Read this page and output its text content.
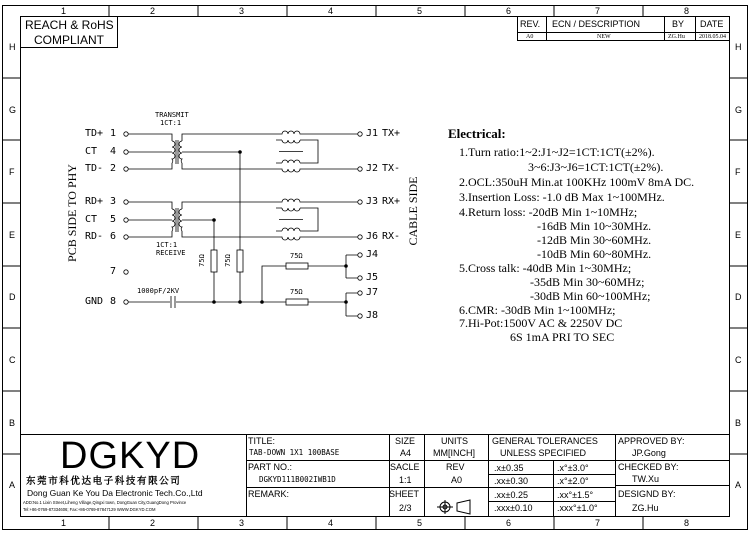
1	2	3	4	5	6	7	8
1	2	3	4	5	6	7	8
H
G
F
E
D
C
B
A
H
G
F
E
D
C
B
A
REACH & RoHS
COMPLIANT
REV. ECN / DESCRIPTION	BY DATE
A0	NEW	ZG.Hu 2018.05.04
TRANSMIT
1CT:1
1CT:1
RECEIVE
PCB SIDE TO PHY	CABLE SIDE
TD+ 1
CT 4
TD- 2
RD+ 3
CT 5
RD- 6
7
GND 8
J1 TX+
J2 TX-
J3 RX+
J6 RX-
J4
J5
J7
J8
75Ω	75Ω	75Ω
75Ω
1000pF/2KV
Electrical:
1.Turn ratio:1~2:J1~J2=1CT:1CT(±2%).
3~6:J3~J6=1CT:1CT(±2%).
2.OCL:350uH Min.at 100KHz 100mV 8mA DC.
3.Insertion Loss: -1.0 dB Max 1~100MHz.
4.Return loss: -20dB Min 1~10MHz;
-16dB Min 10~30MHz.
-12dB Min 30~60MHz.
-10dB Min 60~80MHz.
5.Cross talk: -40dB Min 1~30MHz;
-35dB Min 30~60MHz;
-30dB Min 60~100MHz;
6.CMR: -30dB Min 1~100MHz;
7.Hi-Pot:1500V AC & 2250V DC
6S 1mA PRI TO SEC
DGKYD
东莞市科优达电子科技有限公司
Dong Guan Ke You Da Electronic Tech.Co.,Ltd
ADD:No.1 Lixin Street,Liheng Village,Qingxi town, DongGuan City,GuangDong Province
Tel:+86-0769-87334606; Fax:+86-0769-87847129 WWW.DGKYD.COM
TITLE:
TAB-DOWN 1X1 100BASE
PART NO.:
DGKYD111B002IWB1D
REMARK:
SIZE
A4
UNITS
MM[INCH]
SACLE
1:1
REV
A0
SHEET
2/3
GENERAL TOLERANCES
UNLESS SPECIFIED
.x±0.35	.x°±3.0°
.xx±0.30	.x°±2.0°
.xx±0.25	.xx°±1.5°
.xxx±0.10	.xxx°±1.0°
APPROVED BY:
JP.Gong
CHECKED BY:
TW.Xu
DESIGND BY:
ZG.Hu
